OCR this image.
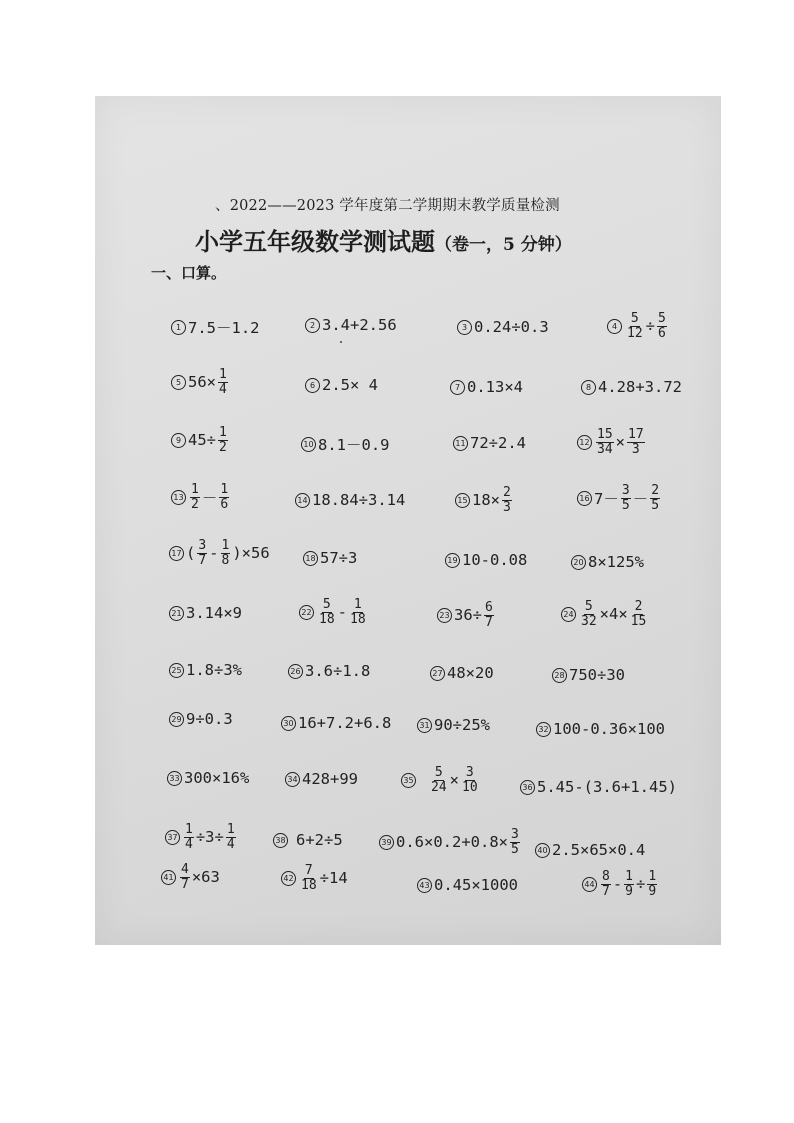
、2022——2023 学年度第二学期期末教学质量检测
小学五年级数学测试题（卷一，5 分钟）
一、口算。
1 7.5－1.2	2 3.4+2.56	3 0.24÷0.3	$4 \frac{5}{12} \div \frac{5}{6}$
5 $56\times \frac{1}{4}$	6 2.5× 4	7 0.13×4	8 4.28+3.72
9 $45\div \frac{1}{2}$	10 8.1－0.9	11 72÷2.4	$12 \frac{15}{34} \times \frac{17}{3}$
$13 \frac{1}{2} - \frac{1}{6}$	14 18.84÷3.14	15 $18\times \frac{2}{3}$	16 $7- \frac{3}{5} - \frac{2}{5}$
17 ( $\frac{3}{7} - \frac{1}{8} )\times 56$	18 57÷3	19 10-0.08	20 8×125%
21 3.14×9	$22 \frac{5}{18} - \frac{1}{18}$	23 $36\div \frac{6}{7}$	$24 \frac{5}{32} \times 4\times \frac{2}{15}$
25 1.8÷3%	26 3.6÷1.8	27 48×20	28 750÷30
29 9÷0.3	30 16+7.2+6.8	31 90÷25%	32 100-0.36×100
33 300×16%	34 428+99	$35 \frac{5}{24} \times \frac{3}{10}$	36 5.45-(3.6+1.45)
$37 \frac{1}{4} \div 3\div \frac{1}{4}$	38 6+2÷5	39 $0.6\times 0.2+0.8\times \frac{3}{5}$	40 2.5×65×0.4
$41 \frac{4}{7} \times 63$	$42 \frac{7}{18} \div 14$	43 0.45×1000	$44 \frac{8}{7} - \frac{1}{9} \div \frac{1}{9}$
